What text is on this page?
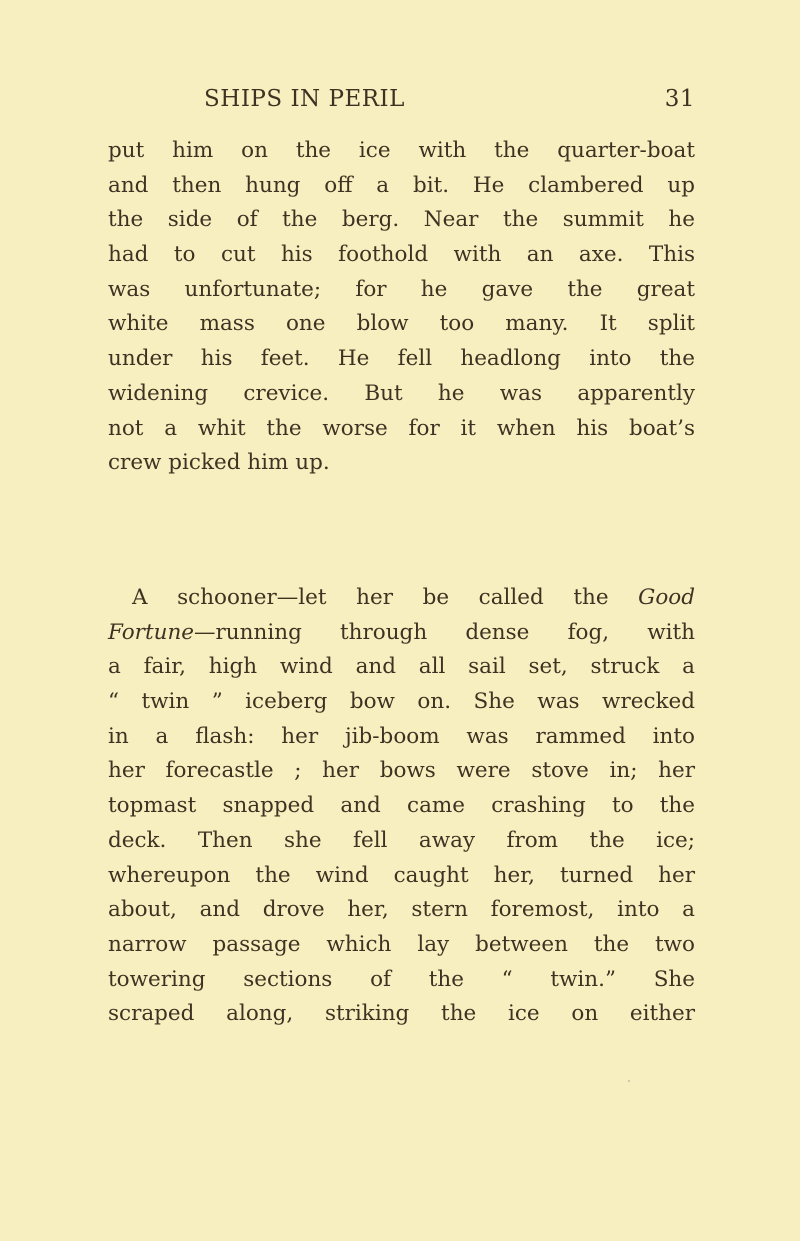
SHIPS IN PERIL	31
put him on the ice with the quarter-boat
and then hung off a bit. He clambered up
the side of the berg. Near the summit he
had to cut his foothold with an axe. This
was unfortunate; for he gave the great
white mass one blow too many. It split
under his feet. He fell headlong into the
widening crevice. But he was apparently
not a whit the worse for it when his boat’s
crew picked him up.
A schooner—let her be called the Good
Fortune—running through dense fog, with
a fair, high wind and all sail set, struck a
“ twin ” iceberg bow on. She was wrecked
in a flash: her jib-boom was rammed into
her forecastle ; her bows were stove in; her
topmast snapped and came crashing to the
deck. Then she fell away from the ice;
whereupon the wind caught her, turned her
about, and drove her, stern foremost, into a
narrow passage which lay between the two
towering sections of the “ twin.” She
scraped along, striking the ice on either
